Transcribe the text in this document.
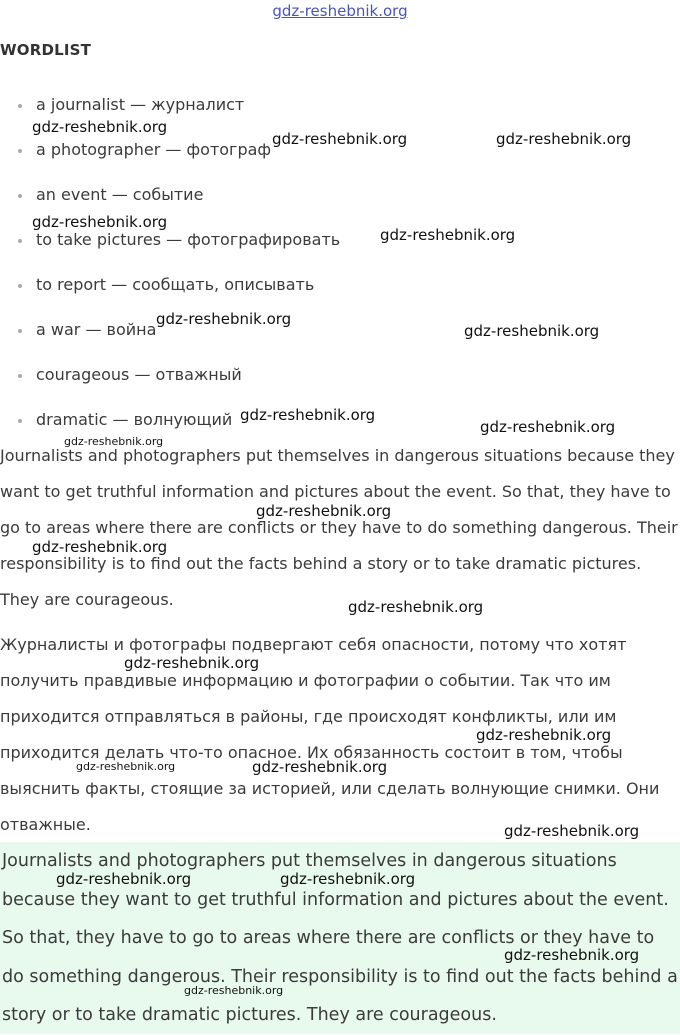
gdz-reshebnik.org
WORDLIST
a journalist — журналист
a photographer — фотограф
an event — событие
to take pictures — фотографировать
to report — сообщать, описывать
a war — война
courageous — отважный
dramatic — волнующий

Journalists and photographers put themselves in dangerous situations because they want to get truthful information and pictures about the event. So that, they have to go to areas where there are conflicts or they have to do something dangerous. Their responsibility is to find out the facts behind a story or to take dramatic pictures. They are courageous.

Журналисты и фотографы подвергают себя опасности, потому что хотят получить правдивые информацию и фотографии о событии. Так что им приходится отправляться в районы, где происходят конфликты, или им приходится делать что-то опасное. Их обязанность состоит в том, чтобы выяснить факты, стоящие за историей, или сделать волнующие снимки. Они отважные.

Journalists and photographers put themselves in dangerous situations because they want to get truthful information and pictures about the event. So that, they have to go to areas where there are conflicts or they have to do something dangerous. Their responsibility is to find out the facts behind a story or to take dramatic pictures. They are courageous.

gdz-reshebnik.org
gdz-reshebnik.org	gdz-reshebnik.org
gdz-reshebnik.org
gdz-reshebnik.org
gdz-reshebnik.org
gdz-reshebnik.org
gdz-reshebnik.org
gdz-reshebnik.org
gdz-reshebnik.org
gdz-reshebnik.org
gdz-reshebnik.org
gdz-reshebnik.org
gdz-reshebnik.org
gdz-reshebnik.org
gdz-reshebnik.org	gdz-reshebnik.org
gdz-reshebnik.org
gdz-reshebnik.org	gdz-reshebnik.org
gdz-reshebnik.org
gdz-reshebnik.org
